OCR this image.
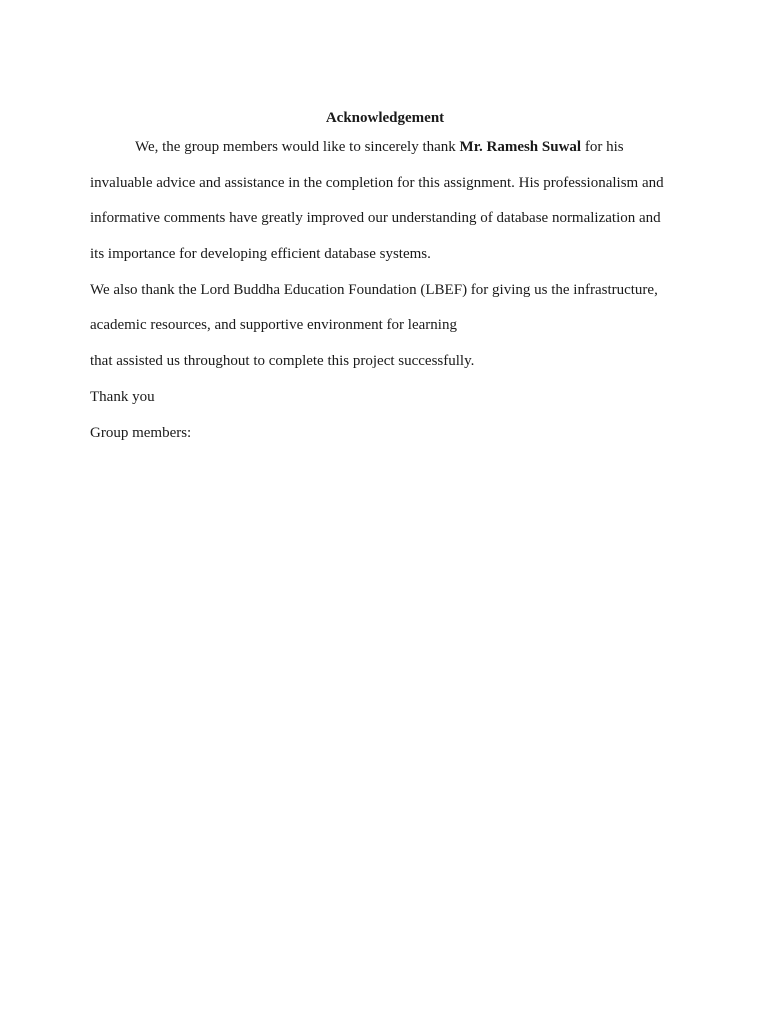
Acknowledgement
We, the group members would like to sincerely thank Mr. Ramesh Suwal for his
invaluable advice and assistance in the completion for this assignment. His professionalism and
informative comments have greatly improved our understanding of database normalization and
its importance for developing efficient database systems.
We also thank the Lord Buddha Education Foundation (LBEF) for giving us the infrastructure,
academic resources, and supportive environment for learning
that assisted us throughout to complete this project successfully.
Thank you
Group members:
